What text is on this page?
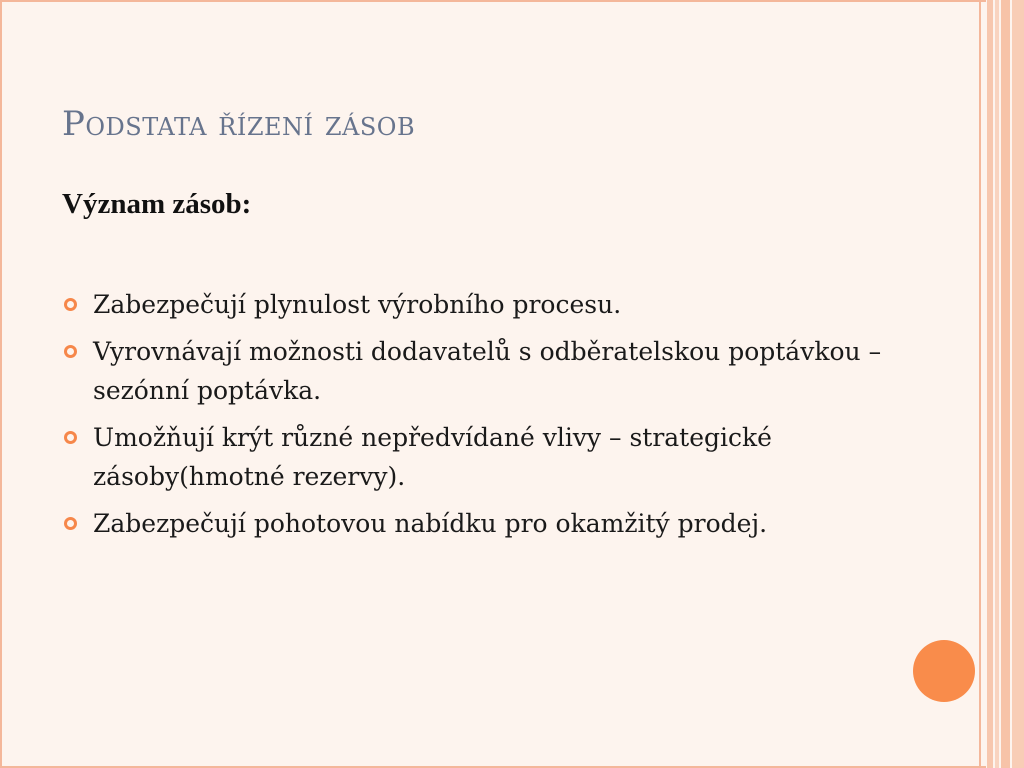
Podstata řízení zásob
Význam zásob:
Zabezpečují plynulost výrobního procesu.
Vyrovnávají možnosti dodavatelů s odběratelskou poptávkou –sezónní poptávka.
Umožňují krýt různé nepředvídané vlivy – strategické zásoby(hmotné rezervy).
Zabezpečují pohotovou nabídku pro okamžitý prodej.
